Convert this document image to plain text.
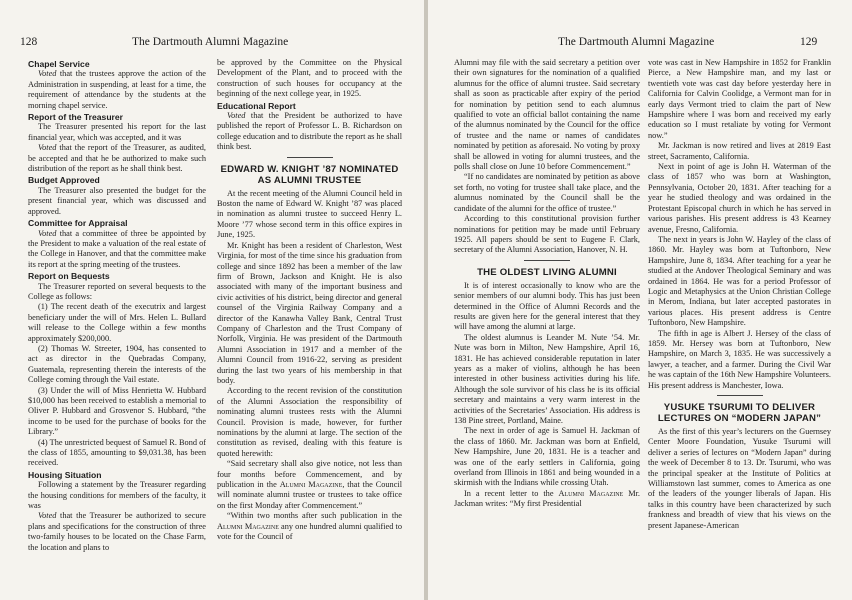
128	The Dartmouth Alumni Magazine
Chapel Service

Voted that the trustees approve the action of the Administration in suspending, at least for a time, the requirement of attendance by the students at the morning chapel service.

Report of the Treasurer

The Treasurer presented his report for the last financial year, which was accepted, and it was

Voted that the report of the Treasurer, as audited, be accepted and that he be authorized to make such distribution of the report as he shall think best.

Budget Approved

The Treasurer also presented the budget for the present financial year, which was discussed and approved.

Committee for Appraisal

Voted that a committee of three be appointed by the President to make a valuation of the real estate of the College in Hanover, and that the committee make its report at the spring meeting of the trustees.

Report on Bequests

The Treasurer reported on several bequests to the College as follows:

(1) The recent death of the executrix and largest beneficiary under the will of Mrs. Helen L. Bullard will release to the College within a few months approximately $200,000.

(2) Thomas W. Streeter, 1904, has consented to act as director in the Quebradas Company, Guatemala, representing therein the interests of the College coming through the Vail estate.

(3) Under the will of Miss Henrietta W. Hubbard $10,000 has been received to establish a memorial to Oliver P. Hubbard and Grosvenor S. Hubbard, “the income to be used for the purchase of books for the Library.”

(4) The unrestricted bequest of Samuel R. Bond of the class of 1855, amounting to $9,031.38, has been received.

Housing Situation

Following a statement by the Treasurer regarding the housing conditions for members of the faculty, it was

Voted that the Treasurer be authorized to secure plans and specifications for the construction of three two-family houses to be located on the Chase Farm, the location and plans to

be approved by the Committee on the Physical Development of the Plant, and to proceed with the construction of such houses for occupancy at the beginning of the next college year, in 1925.

Educational Report

Voted that the President be authorized to have published the report of Professor L. B. Richardson on college education and to distribute the report as he shall think best.

EDWARD W. KNIGHT ’87 NOMINATED AS ALUMNI TRUSTEE

At the recent meeting of the Alumni Council held in Boston the name of Edward W. Knight ’87 was placed in nomination as alumni trustee to succeed Henry L. Moore ’77 whose second term in this office expires in June, 1925.

Mr. Knight has been a resident of Charleston, West Virginia, for most of the time since his graduation from college and since 1892 has been a member of the law firm of Brown, Jackson and Knight. He is also associated with many of the important business and civic activities of his district, being director and general counsel of the Virginia Railway Company and a director of the Kanawha Valley Bank, Central Trust Company of Charleston and the Trust Company of Norfolk, Virginia. He was president of the Dartmouth Alumni Association in 1917 and a member of the Alumni Council from 1916-22, serving as president during the last two years of his membership in that body.

According to the recent revision of the constitution of the Alumni Association the responsibility of nominating alumni trustees rests with the Alumni Council. Provision is made, however, for further nominations by the alumni at large. The section of the constitution as revised, dealing with this feature is quoted herewith:

“Said secretary shall also give notice, not less than four months before Commencement, and by publication in the Alumni Magazine, that the Council will nominate alumni trustee or trustees to take office on the first Monday after Commencement.”

“Within two months after such publication in the Alumni Magazine any one hundred alumni qualified to vote for the Council of

The Dartmouth Alumni Magazine	129

Alumni may file with the said secretary a petition over their own signatures for the nomination of a qualified alumnus for the office of alumni trustee. Said secretary shall as soon as practicable after expiry of the period for nomination by petition send to each alumnus qualified to vote an official ballot containing the name of the alumnus nominated by the Council for the office of trustee and the name or names of candidates nominated by petition as aforesaid. No voting by proxy shall be allowed in voting for alumni trustees, and the polls shall close on June 10 before Commencement.”

“If no candidates are nominated by petition as above set forth, no voting for trustee shall take place, and the alumnus nominated by the Council shall be the candidate of the alumni for the office of trustee.”

According to this constitutional provision further nominations for petition may be made until February 1925. All papers should be sent to Eugene F. Clark, secretary of the Alumni Association, Hanover, N. H.

THE OLDEST LIVING ALUMNI

It is of interest occasionally to know who are the senior members of our alumni body. This has just been determined in the Office of Alumni Records and the results are given here for the general interest that they will have among the alumni at large.

The oldest alumnus is Leander M. Nute ’54. Mr. Nute was born in Milton, New Hampshire, April 16, 1831. He has achieved considerable reputation in later years as a maker of violins, although he has been interested in other business activities during his life. Although the sole survivor of his class he is its official secretary and maintains a very warm interest in the activities of the Secretaries’ Association. His address is 138 Pine street, Portland, Maine.

The next in order of age is Samuel H. Jackman of the class of 1860. Mr. Jackman was born at Enfield, New Hampshire, June 20, 1831. He is a teacher and was one of the early settlers in California, going overland from Illinois in 1861 and being wounded in a skirmish with the Indians while crossing Utah.

In a recent letter to the Alumni Magazine Mr. Jackman writes: “My first Presidential

vote was cast in New Hampshire in 1852 for Franklin Pierce, a New Hampshire man, and my last or twentieth vote was cast day before yesterday here in California for Calvin Coolidge, a Vermont man for in early days Vermont tried to claim the part of New Hampshire where I was born and received my early education so I must retaliate by voting for Vermont now.”

Mr. Jackman is now retired and lives at 2819 East street, Sacramento, California.

Next in point of age is John H. Waterman of the class of 1857 who was born at Washington, Pennsylvania, October 20, 1831. After teaching for a year he studied theology and was ordained in the Protestant Episcopal church in which he has served in various parishes. His present address is 43 Kearney avenue, Fresno, California.

The next in years is John W. Hayley of the class of 1860. Mr. Hayley was born at Tuftonboro, New Hampshire, June 8, 1834. After teaching for a year he studied at the Andover Theological Seminary and was ordained in 1864. He was for a period Professor of Logic and Metaphysics at the Union Christian College in Merom, Indiana, but later accepted pastorates in various places. His present address is Centre Tuftonboro, New Hampshire.

The fifth in age is Albert J. Hersey of the class of 1859. Mr. Hersey was born at Tuftonboro, New Hampshire, on March 3, 1835. He was successively a lawyer, a teacher, and a farmer. During the Civil War he was captain of the 16th New Hampshire Volunteers. His present address is Manchester, Iowa.

YUSUKE TSURUMI TO DELIVER LECTURES ON “MODERN JAPAN”

As the first of this year’s lecturers on the Guernsey Center Moore Foundation, Yusuke Tsurumi will deliver a series of lectures on “Modern Japan” during the week of December 8 to 13. Dr. Tsurumi, who was the principal speaker at the Institute of Politics at Williamstown last summer, comes to America as one of the leaders of the younger liberals of Japan. His talks in this country have been characterized by such frankness and breadth of view that his views on the present Japanese-American
